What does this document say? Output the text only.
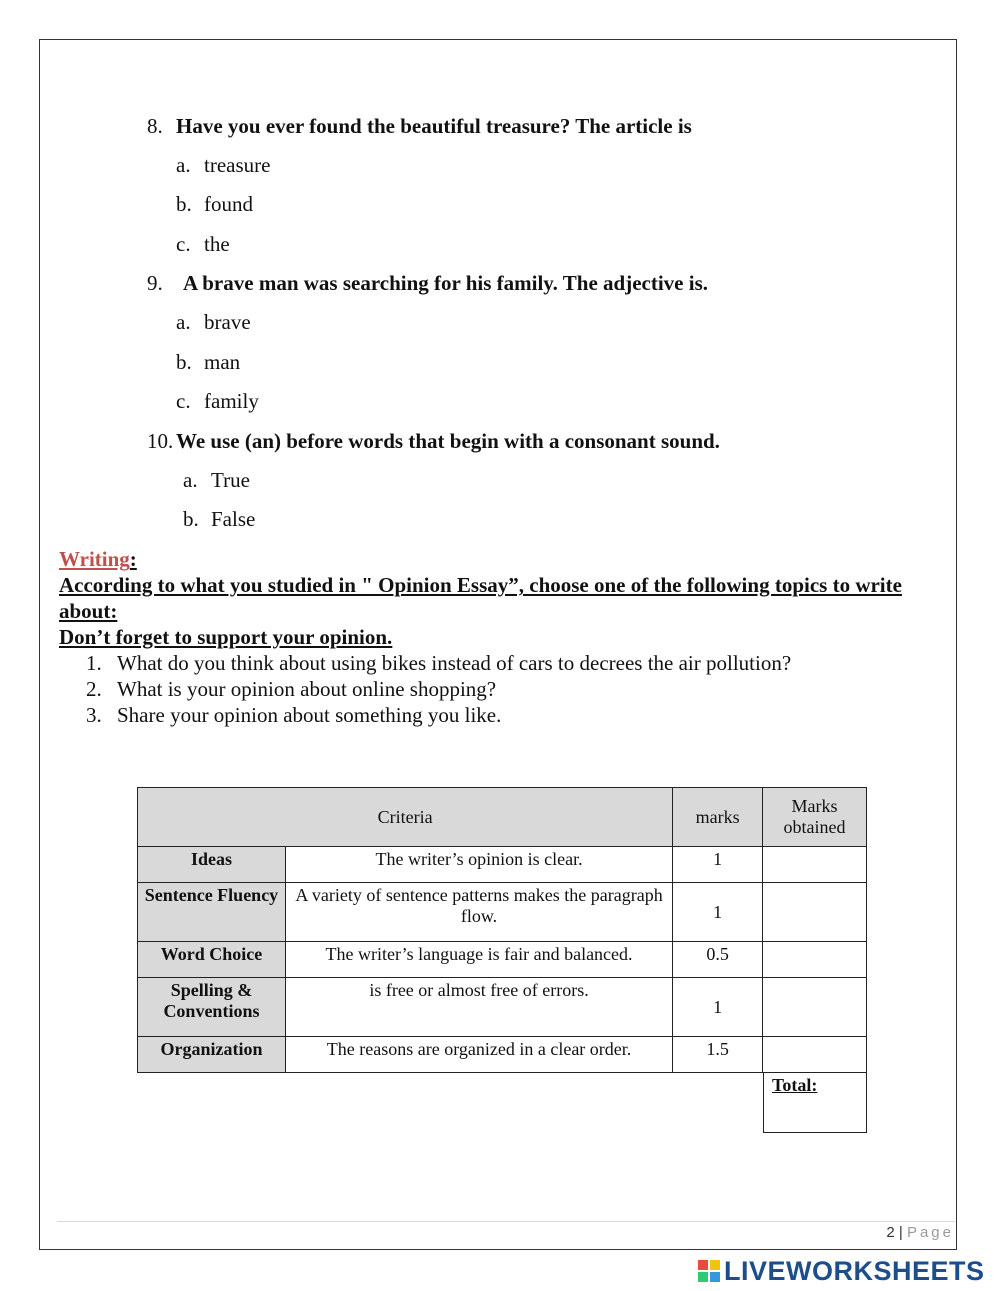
8. Have you ever found the beautiful treasure? The article is
a. treasure
b. found
c. the
9. A brave man was searching for his family. The adjective is.
a. brave
b. man
c. family
10. We use (an) before words that begin with a consonant sound.
a. True
b. False
Writing:
According to what you studied in " Opinion Essay”, choose one of the following topics to write about:
Don’t forget to support your opinion.
1. What do you think about using bikes instead of cars to decrees the air pollution?
2. What is your opinion about online shopping?
3. Share your opinion about something you like.
Criteria		marks	Marks obtained
Ideas	The writer’s opinion is clear.	1	
Sentence Fluency	A variety of sentence patterns makes the paragraph flow.	1	
Word Choice	The writer’s language is fair and balanced.	0.5	
Spelling & Conventions	is free or almost free of errors.	1	
Organization	The reasons are organized in a clear order.	1.5	
Total:
2 | Page
LIVEWORKSHEETS
